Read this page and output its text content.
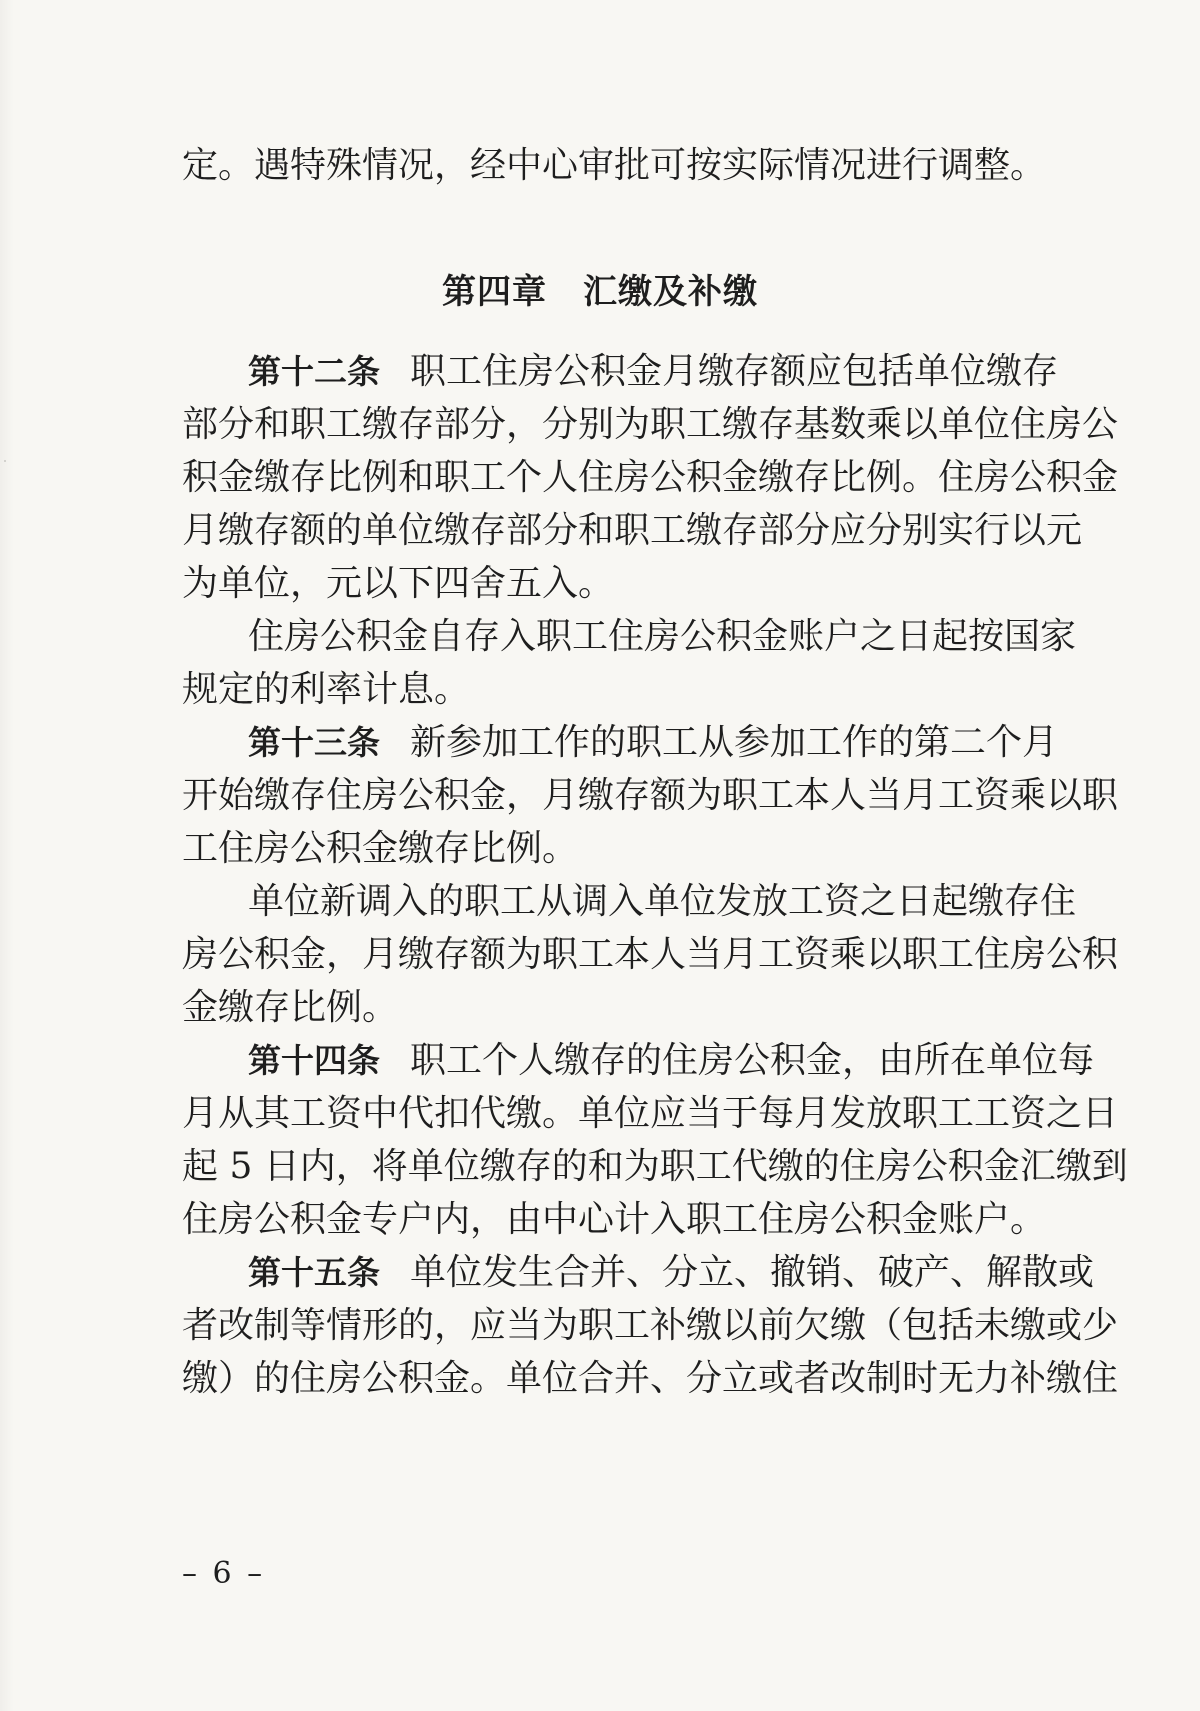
定。遇特殊情况，经中心审批可按实际情况进行调整。
第四章 汇缴及补缴
第十二条 职工住房公积金月缴存额应包括单位缴存
部分和职工缴存部分，分别为职工缴存基数乘以单位住房公
积金缴存比例和职工个人住房公积金缴存比例。住房公积金
月缴存额的单位缴存部分和职工缴存部分应分别实行以元
为单位，元以下四舍五入。
住房公积金自存入职工住房公积金账户之日起按国家
规定的利率计息。
第十三条 新参加工作的职工从参加工作的第二个月
开始缴存住房公积金，月缴存额为职工本人当月工资乘以职
工住房公积金缴存比例。
单位新调入的职工从调入单位发放工资之日起缴存住
房公积金，月缴存额为职工本人当月工资乘以职工住房公积
金缴存比例。
第十四条 职工个人缴存的住房公积金，由所在单位每
月从其工资中代扣代缴。单位应当于每月发放职工工资之日
起 5 日内，将单位缴存的和为职工代缴的住房公积金汇缴到
住房公积金专户内，由中心计入职工住房公积金账户。
第十五条 单位发生合并、分立、撤销、破产、解散或
者改制等情形的，应当为职工补缴以前欠缴（包括未缴或少
缴）的住房公积金。单位合并、分立或者改制时无力补缴住
– 6 –
